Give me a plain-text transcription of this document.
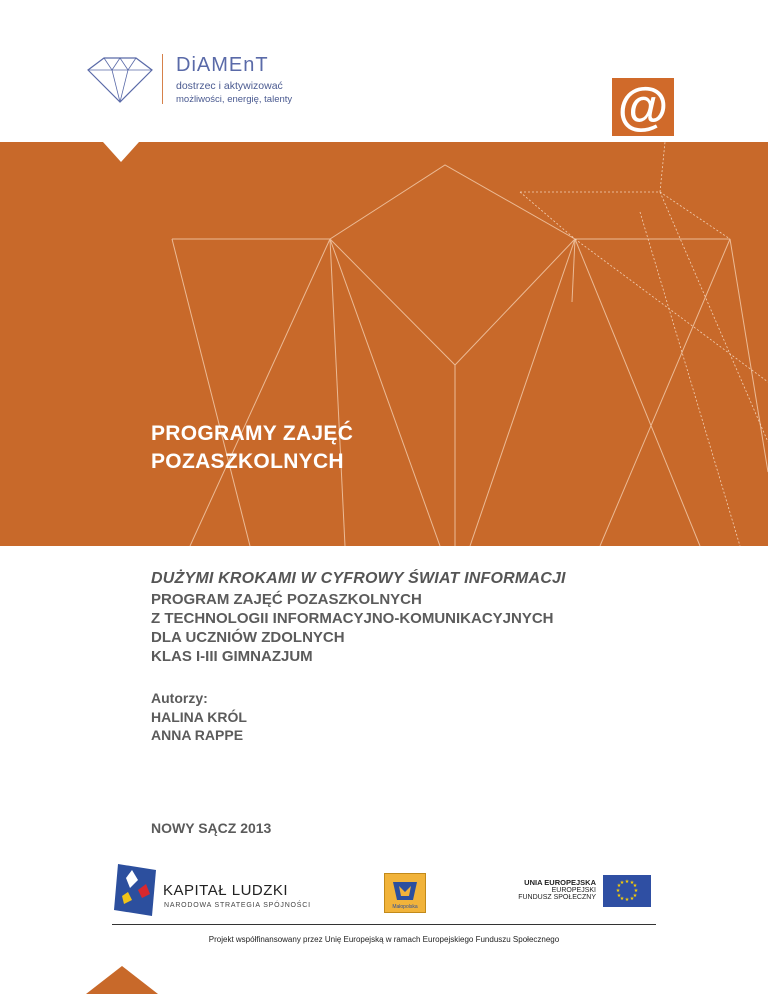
DiAMEnT
dostrzec i aktywizować
możliwości, energię, talenty	@
PROGRAMY ZAJĘĆ
POZASZKOLNYCH
DUŻYMI KROKAMI W CYFROWY ŚWIAT INFORMACJI
PROGRAM ZAJĘĆ POZASZKOLNYCH
Z TECHNOLOGII INFORMACYJNO-KOMUNIKACYJNYCH
DLA UCZNIÓW ZDOLNYCH
KLAS I-III GIMNAZJUM
Autorzy:
HALINA KRÓL
ANNA RAPPE
NOWY SĄCZ 2013
KAPITAŁ LUDZKI
NARODOWA STRATEGIA SPÓJNOŚCI	Małopolska
UNIA EUROPEJSKA
EUROPEJSKI
FUNDUSZ SPOŁECZNY
★ ★
★
★
★
★
★
★
★
★
★
★
Projekt współfinansowany przez Unię Europejską w ramach Europejskiego Funduszu Społecznego
